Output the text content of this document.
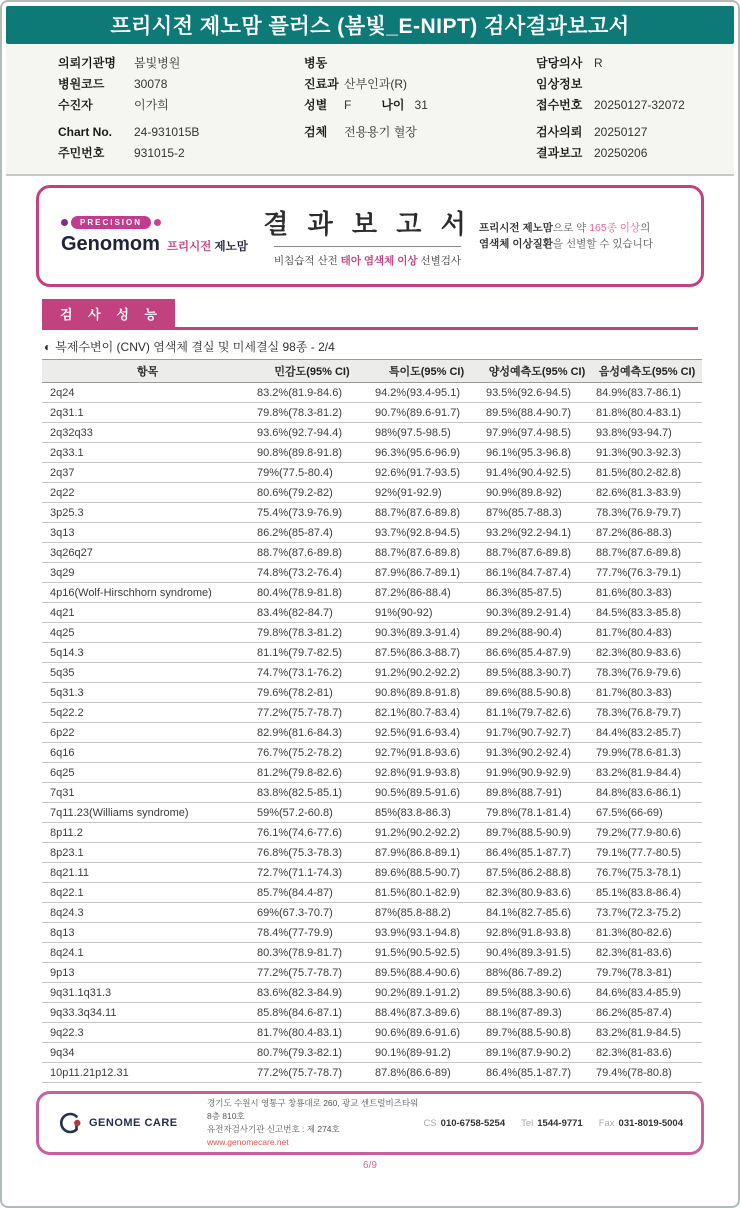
프리시전 제노맘 플러스 (봄빛_E-NIPT) 검사결과보고서
의뢰기관명	봄빛병원
병원코드	30078
수진자	이가희
Chart No.	24-931015B
주민번호	931015-2
병동
진료과 산부인과(R)
성별	F	나이 31
검체	전용용기 혈장
담당의사 R
임상정보
접수번호 20250127-32072
검사의뢰 20250127
결과보고 20250206
PRECISION
Genomom 프리시전 제노맘
결 과 보 고 서
비침습적 산전 태아 염색체 이상 선별검사
프리시전 제노맘으로 약 165종 이상의
염색체 이상질환을 선별할 수 있습니다
검 사 성 능
◐ 복제수변이 (CNV) 염색체 결실 및 미세결실 98종 - 2/4
항목	민감도(95% CI)	특이도(95% CI)	양성예측도(95% CI)	음성예측도(95% CI)
2q24	83.2%(81.9-84.6)	94.2%(93.4-95.1)	93.5%(92.6-94.5)	84.9%(83.7-86.1)
2q31.1	79.8%(78.3-81.2)	90.7%(89.6-91.7)	89.5%(88.4-90.7)	81.8%(80.4-83.1)
2q32q33	93.6%(92.7-94.4)	98%(97.5-98.5)	97.9%(97.4-98.5)	93.8%(93-94.7)
2q33.1	90.8%(89.8-91.8)	96.3%(95.6-96.9)	96.1%(95.3-96.8)	91.3%(90.3-92.3)
2q37	79%(77.5-80.4)	92.6%(91.7-93.5)	91.4%(90.4-92.5)	81.5%(80.2-82.8)
2q22	80.6%(79.2-82)	92%(91-92.9)	90.9%(89.8-92)	82.6%(81.3-83.9)
3p25.3	75.4%(73.9-76.9)	88.7%(87.6-89.8)	87%(85.7-88.3)	78.3%(76.9-79.7)
3q13	86.2%(85-87.4)	93.7%(92.8-94.5)	93.2%(92.2-94.1)	87.2%(86-88.3)
3q26q27	88.7%(87.6-89.8)	88.7%(87.6-89.8)	88.7%(87.6-89.8)	88.7%(87.6-89.8)
3q29	74.8%(73.2-76.4)	87.9%(86.7-89.1)	86.1%(84.7-87.4)	77.7%(76.3-79.1)
4p16(Wolf-Hirschhorn syndrome)	80.4%(78.9-81.8)	87.2%(86-88.4)	86.3%(85-87.5)	81.6%(80.3-83)
4q21	83.4%(82-84.7)	91%(90-92)	90.3%(89.2-91.4)	84.5%(83.3-85.8)
4q25	79.8%(78.3-81.2)	90.3%(89.3-91.4)	89.2%(88-90.4)	81.7%(80.4-83)
5q14.3	81.1%(79.7-82.5)	87.5%(86.3-88.7)	86.6%(85.4-87.9)	82.3%(80.9-83.6)
5q35	74.7%(73.1-76.2)	91.2%(90.2-92.2)	89.5%(88.3-90.7)	78.3%(76.9-79.6)
5q31.3	79.6%(78.2-81)	90.8%(89.8-91.8)	89.6%(88.5-90.8)	81.7%(80.3-83)
5q22.2	77.2%(75.7-78.7)	82.1%(80.7-83.4)	81.1%(79.7-82.6)	78.3%(76.8-79.7)
6p22	82.9%(81.6-84.3)	92.5%(91.6-93.4)	91.7%(90.7-92.7)	84.4%(83.2-85.7)
6q16	76.7%(75.2-78.2)	92.7%(91.8-93.6)	91.3%(90.2-92.4)	79.9%(78.6-81.3)
6q25	81.2%(79.8-82.6)	92.8%(91.9-93.8)	91.9%(90.9-92.9)	83.2%(81.9-84.4)
7q31	83.8%(82.5-85.1)	90.5%(89.5-91.6)	89.8%(88.7-91)	84.8%(83.6-86.1)
7q11.23(Williams syndrome)	59%(57.2-60.8)	85%(83.8-86.3)	79.8%(78.1-81.4)	67.5%(66-69)
8p11.2	76.1%(74.6-77.6)	91.2%(90.2-92.2)	89.7%(88.5-90.9)	79.2%(77.9-80.6)
8p23.1	76.8%(75.3-78.3)	87.9%(86.8-89.1)	86.4%(85.1-87.7)	79.1%(77.7-80.5)
8q21.11	72.7%(71.1-74.3)	89.6%(88.5-90.7)	87.5%(86.2-88.8)	76.7%(75.3-78.1)
8q22.1	85.7%(84.4-87)	81.5%(80.1-82.9)	82.3%(80.9-83.6)	85.1%(83.8-86.4)
8q24.3	69%(67.3-70.7)	87%(85.8-88.2)	84.1%(82.7-85.6)	73.7%(72.3-75.2)
8q13	78.4%(77-79.9)	93.9%(93.1-94.8)	92.8%(91.8-93.8)	81.3%(80-82.6)
8q24.1	80.3%(78.9-81.7)	91.5%(90.5-92.5)	90.4%(89.3-91.5)	82.3%(81-83.6)
9p13	77.2%(75.7-78.7)	89.5%(88.4-90.6)	88%(86.7-89.2)	79.7%(78.3-81)
9q31.1q31.3	83.6%(82.3-84.9)	90.2%(89.1-91.2)	89.5%(88.3-90.6)	84.6%(83.4-85.9)
9q33.3q34.11	85.8%(84.6-87.1)	88.4%(87.3-89.6)	88.1%(87-89.3)	86.2%(85-87.4)
9q22.3	81.7%(80.4-83.1)	90.6%(89.6-91.6)	89.7%(88.5-90.8)	83.2%(81.9-84.5)
9q34	80.7%(79.3-82.1)	90.1%(89-91.2)	89.1%(87.9-90.2)	82.3%(81-83.6)
10p11.21p12.31	77.2%(75.7-78.7)	87.8%(86.6-89)	86.4%(85.1-87.7)	79.4%(78-80.8)
GENOME CARE
경기도 수원시 영통구 창룡대로 260, 광교 센트럴비즈타워 8층 810호
유전자검사기관 신고번호 : 제 274호
www.genomecare.net
CS 010-6758-5254 Tel 1544-9771 Fax 031-8019-5004
6/9
